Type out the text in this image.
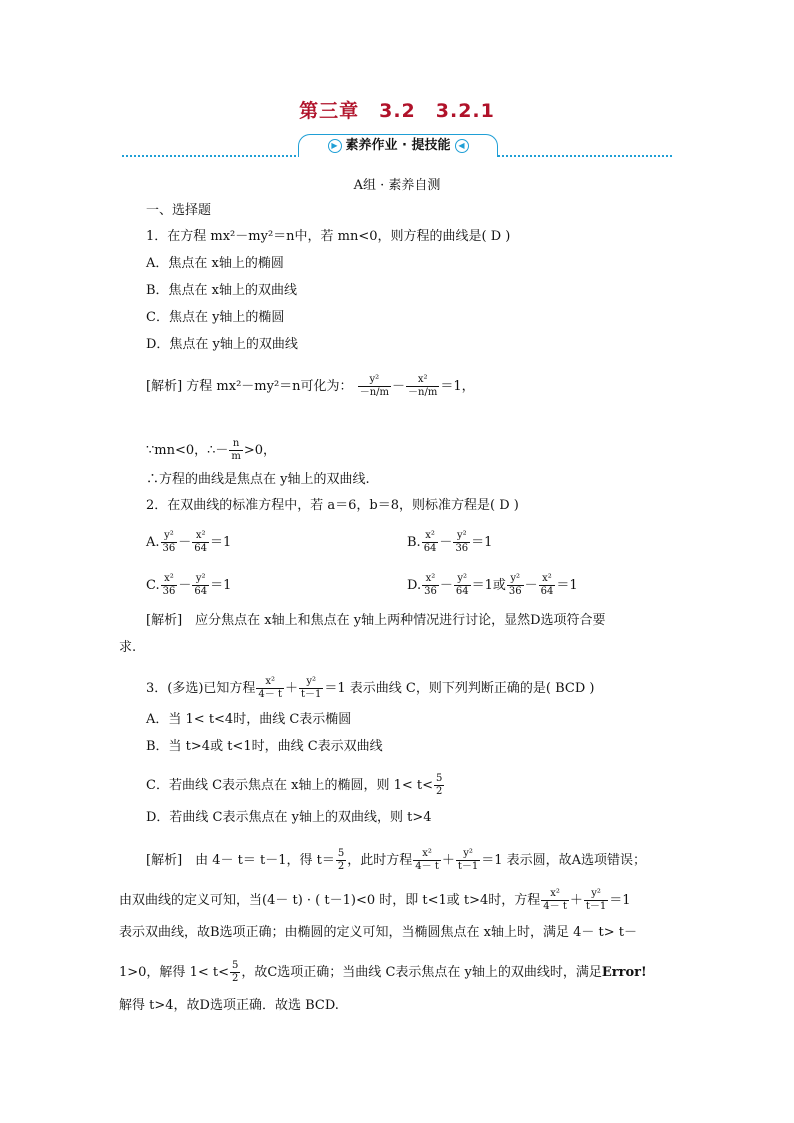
第三章　3.2　3.2.1
▶ 素养作业 · 提技能 ◀
A组 · 素养自测
一、选择题
1．在方程 mx²－my²＝n中，若 mn<0，则方程的曲线是( D )
A．焦点在 x轴上的椭圆
B．焦点在 x轴上的双曲线
C．焦点在 y轴上的椭圆
D．焦点在 y轴上的双曲线
[解析] 方程 mx²－my²＝n可化为： $\frac{\text{y²}}{-n/m} - \frac{\text{x²}}{-n/m} =1$，
∵mn<0，∴－ $\frac{n}{m} >0$，
∴方程的曲线是焦点在 y轴上的双曲线.
2．在双曲线的标准方程中，若 a＝6，b＝8，则标准方程是( D )
A. $\frac{\text{y²}}{36} - \frac{\text{x²}}{64} =1$	B. $\frac{\text{x²}}{64} - \frac{\text{y²}}{36} =1$
C. $\frac{\text{x²}}{36} - \frac{\text{y²}}{64} =1$	D. $\frac{\text{x²}}{36} - \frac{\text{y²}}{64} =1$或 $\frac{\text{y²}}{36} - \frac{\text{x²}}{64} =1$
[解析]　应分焦点在 x轴上和焦点在 y轴上两种情况进行讨论，显然D选项符合要
求.
3．(多选)已知方程 $\frac{\text{x²}}{4- t} + \frac{\text{y²}}{t-1} =1$ 表示曲线 C，则下列判断正确的是( BCD )
A．当 1< t<4时，曲线 C表示椭圆
B．当 t>4或 t<1时，曲线 C表示双曲线
C．若曲线 C表示焦点在 x轴上的椭圆，则 $1< t< \frac{5}{2}$
D．若曲线 C表示焦点在 y轴上的双曲线，则 t>4
[解析]　由 4－ t＝ t－1，得 $t= \frac{5}{2}$ ，此时方程 $\frac{\text{x²}}{4- t} + \frac{\text{y²}}{t-1} =1$ 表示圆，故A选项错误；
由双曲线的定义可知，当(4－ t) · ( t－1)<0 时，即 t<1或 t>4时，方程 $\frac{\text{x²}}{4- t} + \frac{\text{y²}}{t-1} =1$
表示双曲线，故B选项正确；由椭圆的定义可知，当椭圆焦点在 x轴上时，满足 4－ t> t－
1>0，解得 $1< t< \frac{5}{2}$ ，故C选项正确；当曲线 C表示焦点在 y轴上的双曲线时，满足Error!
解得 t>4，故D选项正确．故选 BCD.
